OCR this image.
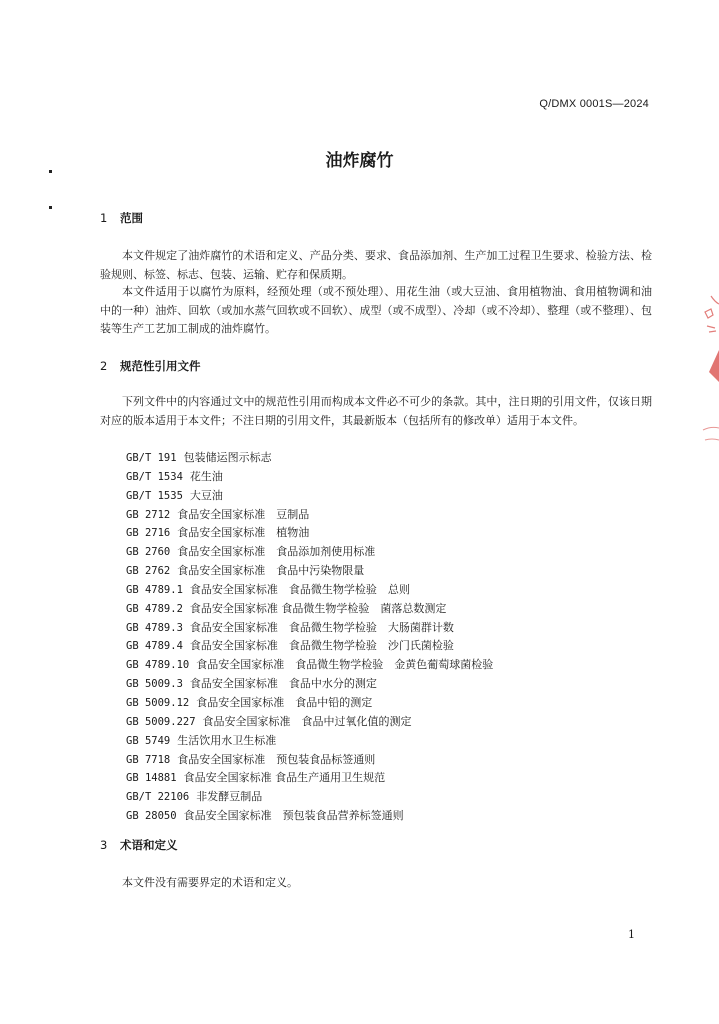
Q/DMX 0001S—2024
油炸腐竹
1 范围
本文件规定了油炸腐竹的术语和定义、产品分类、要求、食品添加剂、生产加工过程卫生要求、检验方法、检验规则、标签、标志、包装、运输、贮存和保质期。
本文件适用于以腐竹为原料，经预处理（或不预处理）、用花生油（或大豆油、食用植物油、食用植物调和油中的一种）油炸、回软（或加水蒸气回软或不回软）、成型（或不成型）、冷却（或不冷却）、整理（或不整理）、包装等生产工艺加工制成的油炸腐竹。
2 规范性引用文件
下列文件中的内容通过文中的规范性引用而构成本文件必不可少的条款。其中，注日期的引用文件，仅该日期对应的版本适用于本文件；不注日期的引用文件，其最新版本（包括所有的修改单）适用于本文件。
GB/T 191 包装储运图示标志
GB/T 1534 花生油
GB/T 1535 大豆油
GB 2712 食品安全国家标准　豆制品
GB 2716 食品安全国家标准　植物油
GB 2760 食品安全国家标准　食品添加剂使用标准
GB 2762 食品安全国家标准　食品中污染物限量
GB 4789.1 食品安全国家标准　食品微生物学检验　总则
GB 4789.2 食品安全国家标准 食品微生物学检验　菌落总数测定
GB 4789.3 食品安全国家标准　食品微生物学检验　大肠菌群计数
GB 4789.4 食品安全国家标准　食品微生物学检验　沙门氏菌检验
GB 4789.10 食品安全国家标准　食品微生物学检验　金黄色葡萄球菌检验
GB 5009.3 食品安全国家标准　食品中水分的测定
GB 5009.12 食品安全国家标准　食品中铅的测定
GB 5009.227 食品安全国家标准　食品中过氧化值的测定
GB 5749 生活饮用水卫生标准
GB 7718 食品安全国家标准　预包装食品标签通则
GB 14881 食品安全国家标准 食品生产通用卫生规范
GB/T 22106 非发酵豆制品
GB 28050 食品安全国家标准　预包装食品营养标签通则
3 术语和定义
本文件没有需要界定的术语和定义。
1
